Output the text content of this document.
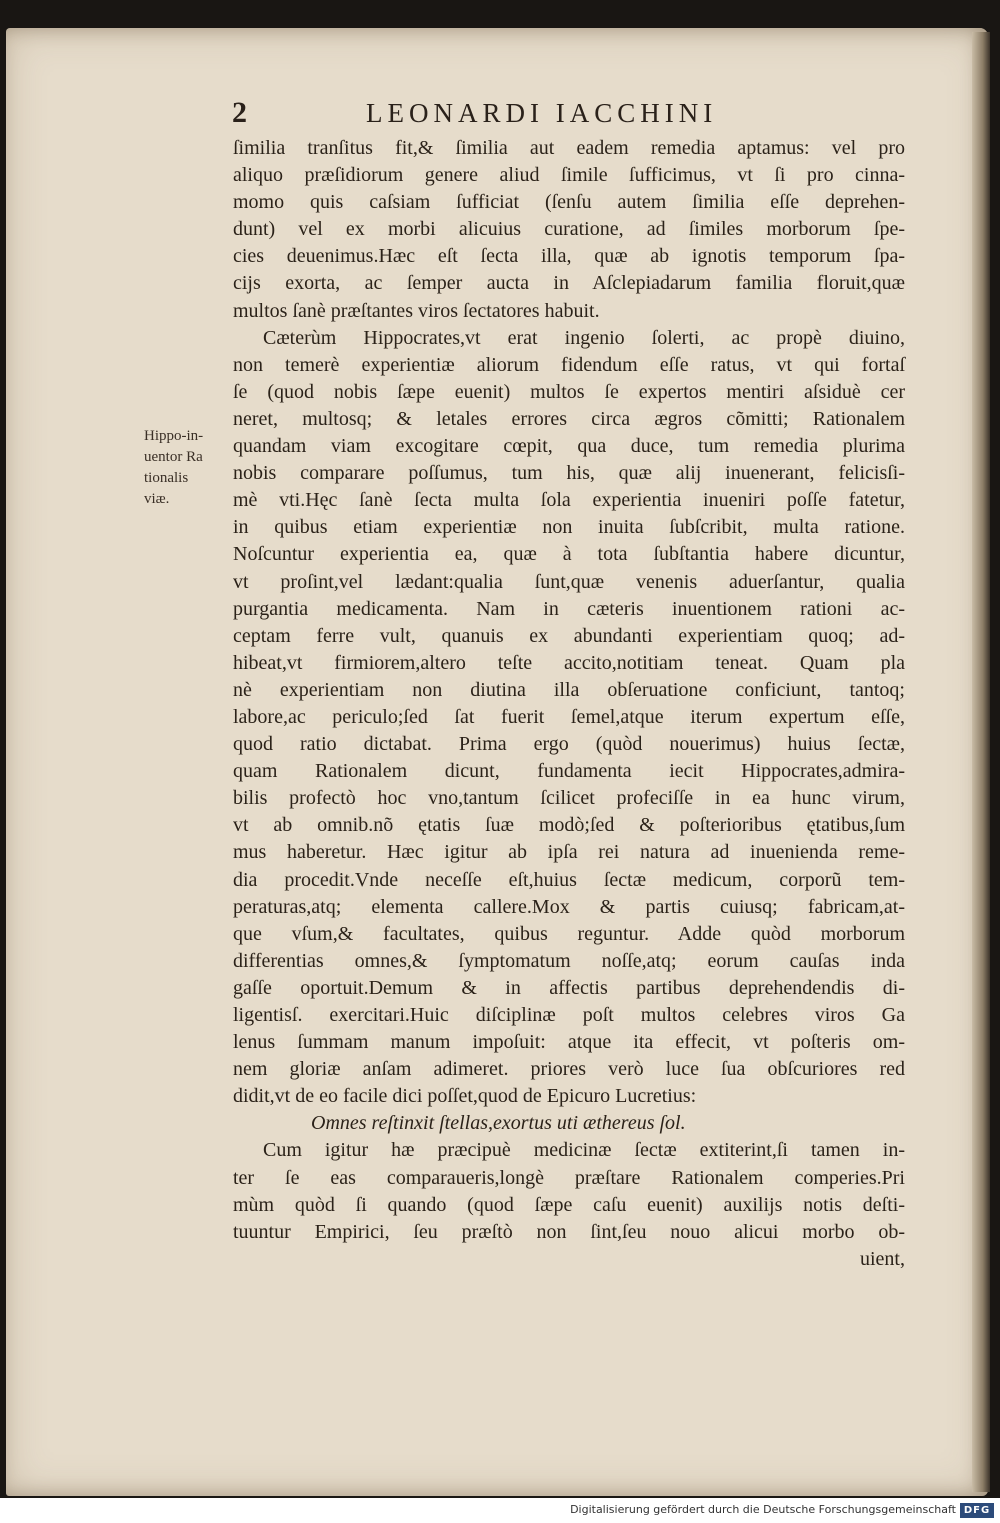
2	LEONARDI IACCHINI
Hippo-in-
uentor Ra
tionalis
viæ.
ſimilia tranſitus fit,& ſimilia aut eadem remedia aptamus: vel pro
aliquo præſidiorum genere aliud ſimile ſufficimus, vt ſi pro cinna-
momo quis caſsiam ſufficiat (ſenſu autem ſimilia eſſe deprehen-
dunt) vel ex morbi alicuius curatione, ad ſimiles morborum ſpe-
cies deuenimus.Hæc eſt ſecta illa, quæ ab ignotis temporum ſpa-
cijs exorta, ac ſemper aucta in Aſclepiadarum familia floruit,quæ
multos ſanè præſtantes viros ſectatores habuit.
Cæterùm Hippocrates,vt erat ingenio ſolerti, ac propè diuino,
non temerè experientiæ aliorum fidendum eſſe ratus, vt qui fortaſ
ſe (quod nobis ſæpe euenit) multos ſe expertos mentiri aſsiduè cer
neret, multosq; & letales errores circa ægros cõmitti; Rationalem
quandam viam excogitare cœpit, qua duce, tum remedia plurima
nobis comparare poſſumus, tum his, quæ alij inuenerant, felicisſi-
mè vti.Hęc ſanè ſecta multa ſola experientia inueniri poſſe fatetur,
in quibus etiam experientiæ non inuita ſubſcribit, multa ratione.
Noſcuntur experientia ea, quæ à tota ſubſtantia habere dicuntur,
vt proſint,vel lædant:qualia ſunt,quæ venenis aduerſantur, qualia
purgantia medicamenta. Nam in cæteris inuentionem rationi ac-
ceptam ferre vult, quanuis ex abundanti experientiam quoq; ad-
hibeat,vt firmiorem,altero teſte accito,notitiam teneat. Quam pla
nè experientiam non diutina illa obſeruatione conficiunt, tantoq;
labore,ac periculo;ſed ſat fuerit ſemel,atque iterum expertum eſſe,
quod ratio dictabat. Prima ergo (quòd nouerimus) huius ſectæ,
quam Rationalem dicunt, fundamenta iecit Hippocrates,admira-
bilis profectò hoc vno,tantum ſcilicet profeciſſe in ea hunc virum,
vt ab omnib.nõ ętatis ſuæ modò;ſed & poſterioribus ętatibus,ſum
mus haberetur. Hæc igitur ab ipſa rei natura ad inuenienda reme-
dia procedit.Vnde neceſſe eſt,huius ſectæ medicum, corporũ tem-
peraturas,atq; elementa callere.Mox & partis cuiusq; fabricam,at-
que vſum,& facultates, quibus reguntur. Adde quòd morborum
differentias omnes,& ſymptomatum noſſe,atq; eorum cauſas inda
gaſſe oportuit.Demum & in affectis partibus deprehendendis di-
ligentisſ. exercitari.Huic diſciplinæ poſt multos celebres viros Ga
lenus ſummam manum impoſuit: atque ita effecit, vt poſteris om-
nem gloriæ anſam adimeret. priores verò luce ſua obſcuriores red
didit,vt de eo facile dici poſſet,quod de Epicuro Lucretius:
Omnes reſtinxit ſtellas,exortus uti æthereus ſol.
Cum igitur hæ præcipuè medicinæ ſectæ extiterint,ſi tamen in-
ter ſe eas comparaueris,longè præſtare Rationalem comperies.Pri
mùm quòd ſi quando (quod ſæpe caſu euenit) auxilijs notis deſti-
tuuntur Empirici, ſeu præſtò non ſint,ſeu nouo alicui morbo ob-
uient,
Digitalisierung gefördert durch die Deutsche Forschungsgemeinschaft DFG
